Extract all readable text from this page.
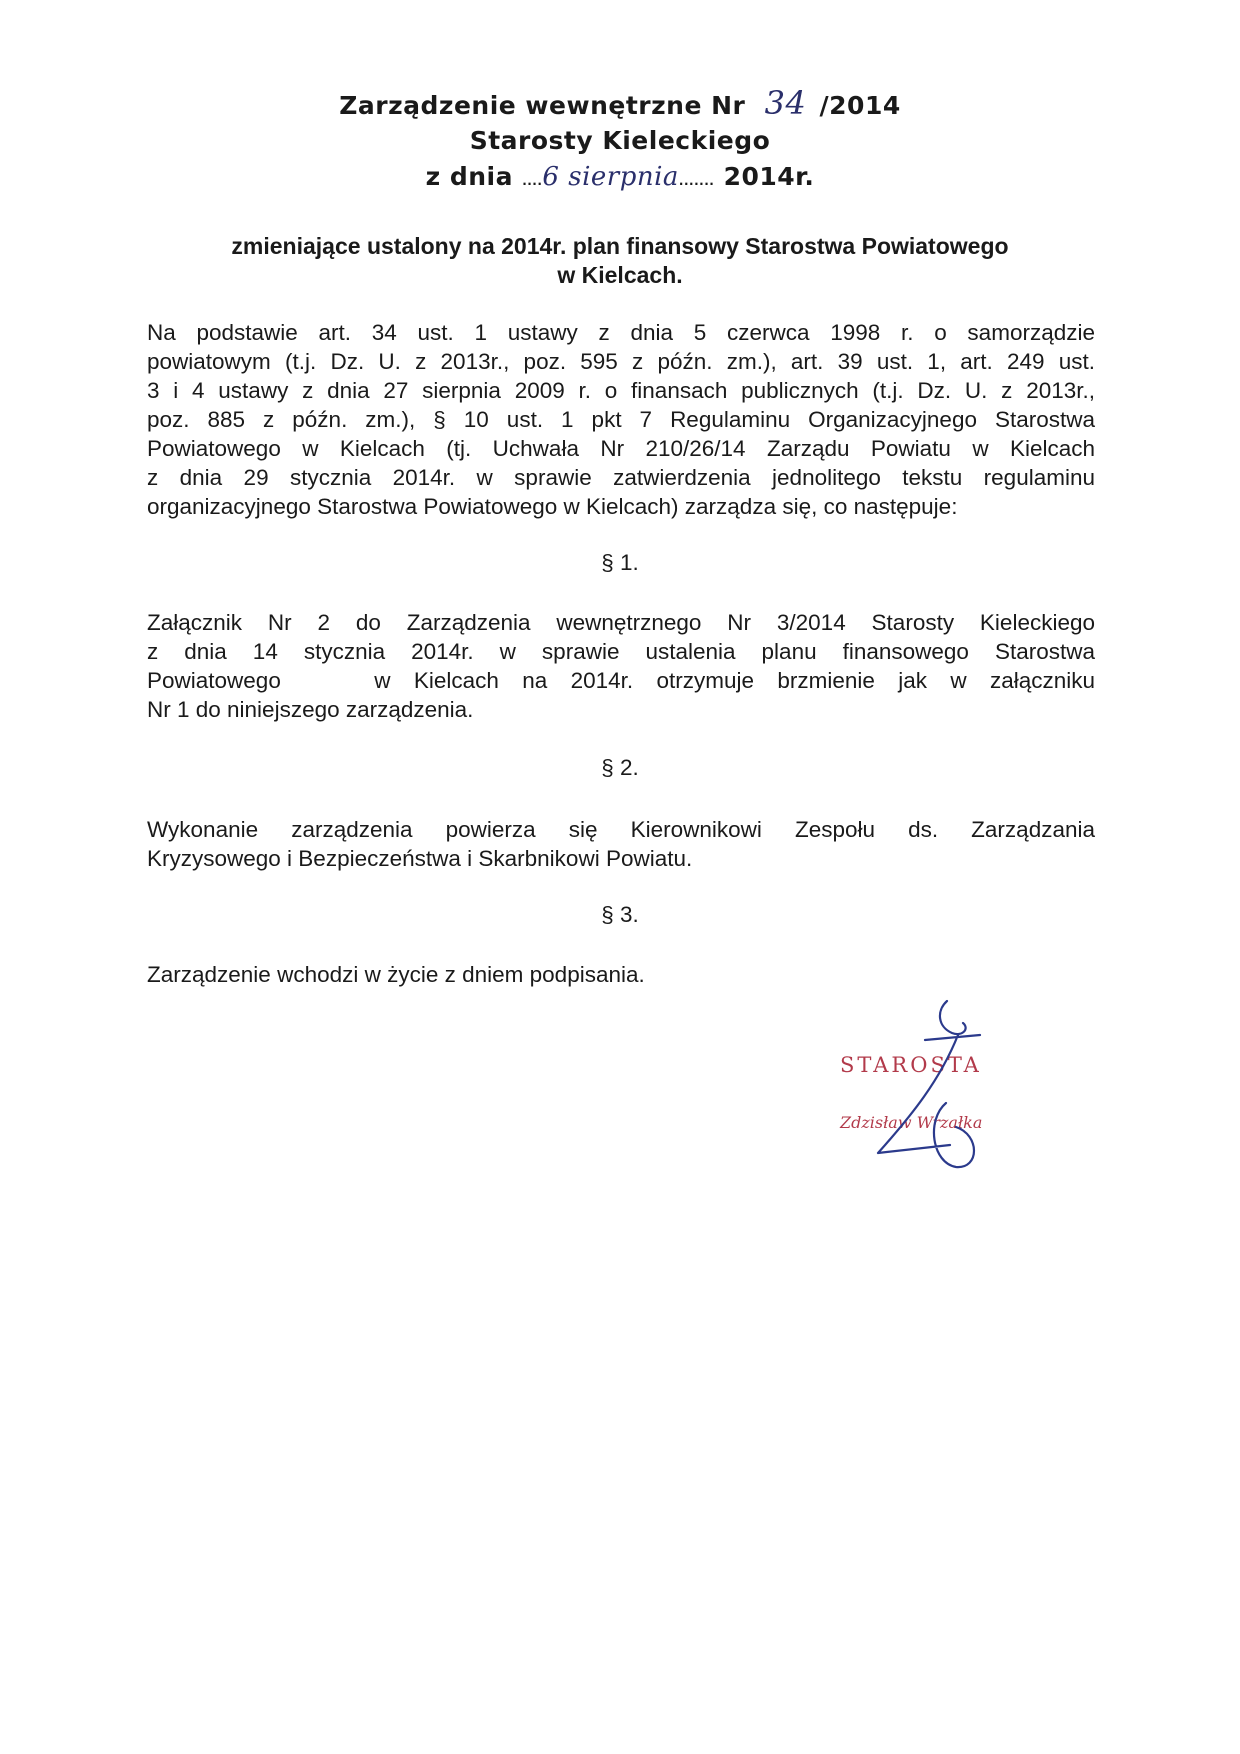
Zarządzenie wewnętrzne Nr 34 /2014
Starosty Kieleckiego
z dnia ....6 sierpnia....... 2014r.
zmieniające ustalony na 2014r. plan finansowy Starostwa Powiatowego
w Kielcach.
Na podstawie art. 34 ust. 1 ustawy z dnia 5 czerwca 1998 r. o samorządzie
powiatowym (t.j. Dz. U. z 2013r., poz. 595 z późn. zm.), art. 39 ust. 1, art. 249 ust.
3 i 4 ustawy z dnia 27 sierpnia 2009 r. o finansach publicznych (t.j. Dz. U. z 2013r.,
poz. 885 z późn. zm.), § 10 ust. 1 pkt 7 Regulaminu Organizacyjnego Starostwa
Powiatowego w Kielcach (tj. Uchwała Nr 210/26/14 Zarządu Powiatu w Kielcach
z dnia 29 stycznia 2014r. w sprawie zatwierdzenia jednolitego tekstu regulaminu
organizacyjnego Starostwa Powiatowego w Kielcach) zarządza się, co następuje:
§ 1.
Załącznik Nr 2 do Zarządzenia wewnętrznego Nr 3/2014 Starosty Kieleckiego
z dnia 14 stycznia 2014r. w sprawie ustalenia planu finansowego Starostwa
Powiatowego    w Kielcach na 2014r. otrzymuje brzmienie jak w załączniku
Nr 1 do niniejszego zarządzenia.
§ 2.
Wykonanie zarządzenia powierza się Kierownikowi Zespołu ds. Zarządzania
Kryzysowego i Bezpieczeństwa i Skarbnikowi Powiatu.
§ 3.
Zarządzenie wchodzi w życie z dniem podpisania.
STAROSTA
Zdzisław Wrzałka
